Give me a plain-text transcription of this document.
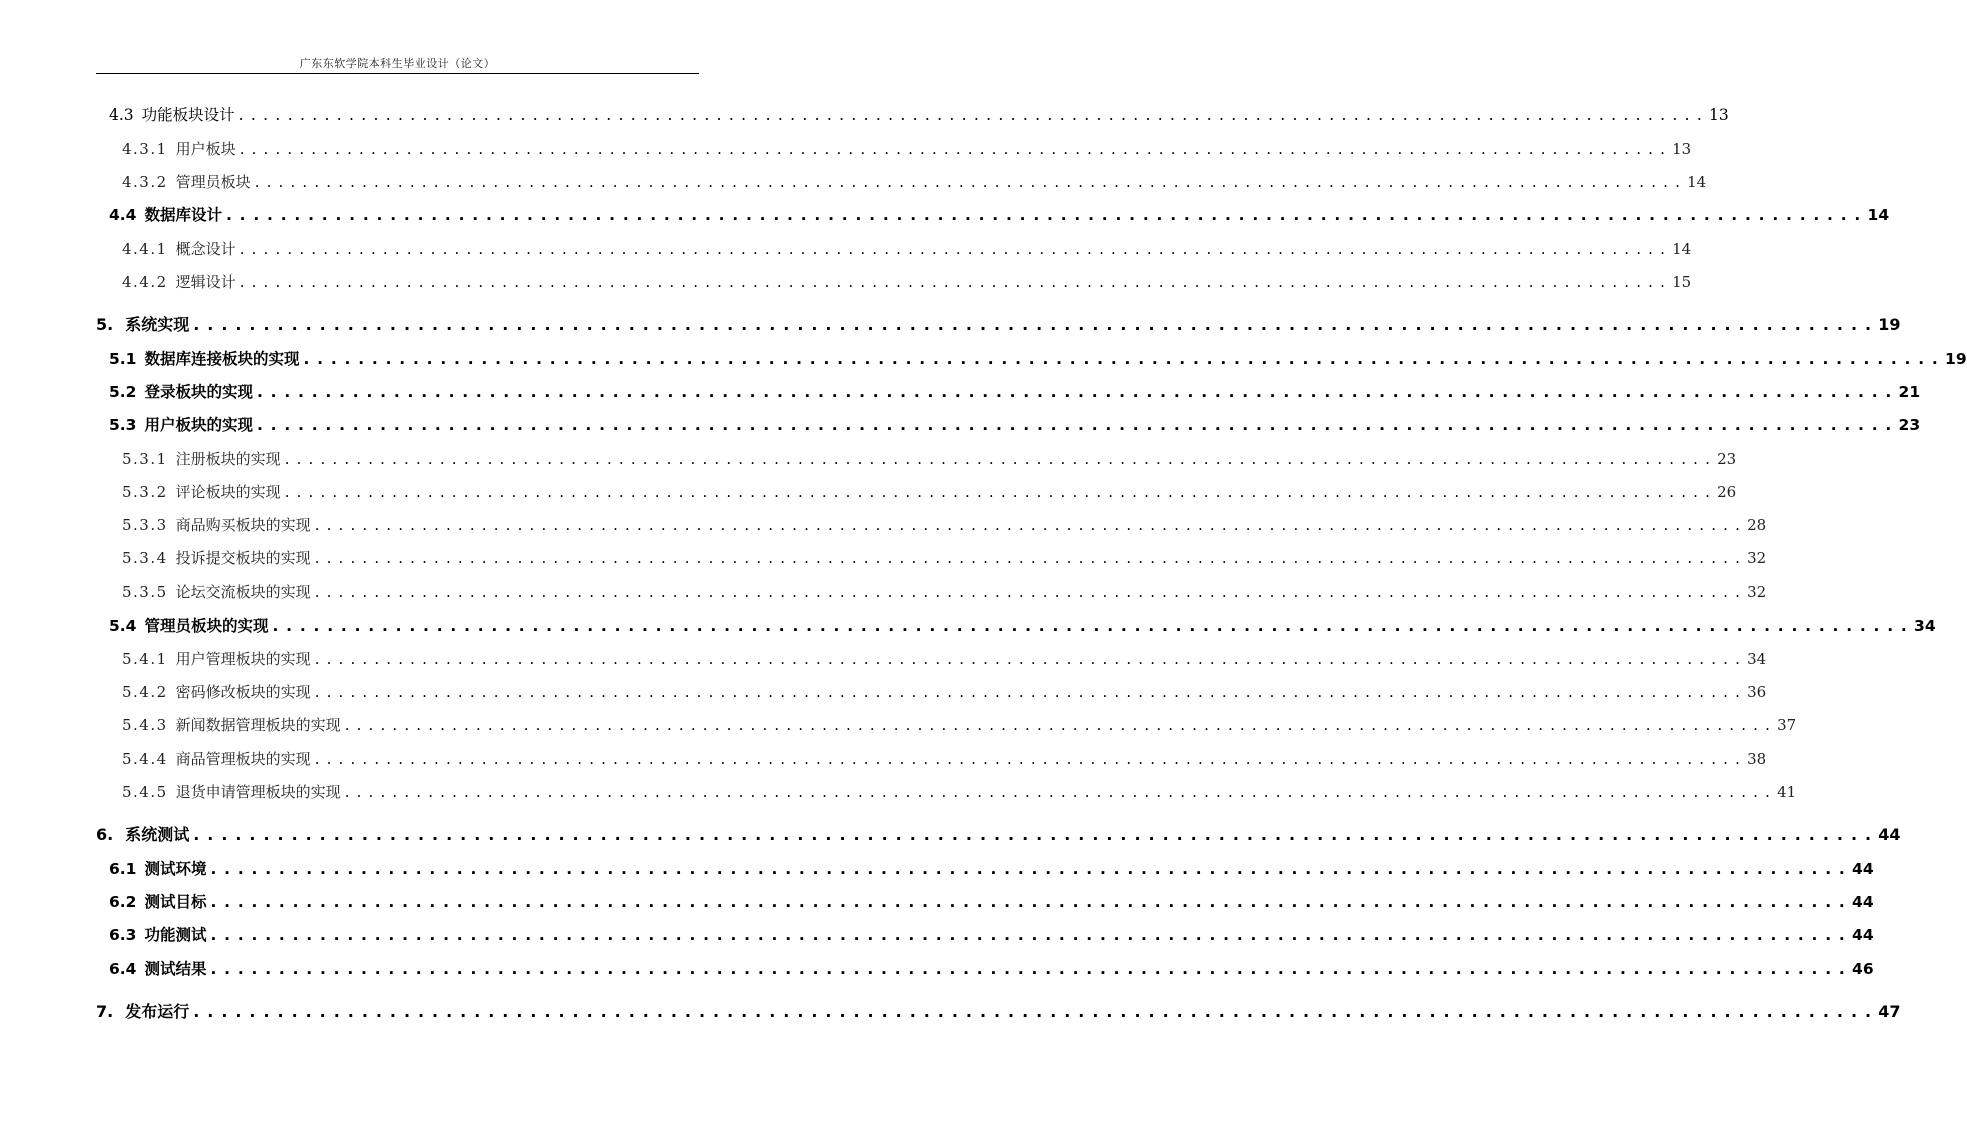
广东东软学院本科生毕业设计（论文）
4.3 功能板块设计 . . . . . . . . . . . . . . . . . . . . . . . . . . . . . . . . . . . . . . . . . . . . . . . . . . . . . . . . . . . . . . . . . . . . . . . . . . . . . . . . . . . . . . . . . . . . . . . . . . . . . . . . . . . . . . . . . . . . . . . . 13
4.3.1 用户板块 . . . . . . . . . . . . . . . . . . . . . . . . . . . . . . . . . . . . . . . . . . . . . . . . . . . . . . . . . . . . . . . . . . . . . . . . . . . . . . . . . . . . . . . . . . . . . . . . . . . . . . . . . . . . . . . . . . . . . . . . 13
4.3.2 管理员板块 . . . . . . . . . . . . . . . . . . . . . . . . . . . . . . . . . . . . . . . . . . . . . . . . . . . . . . . . . . . . . . . . . . . . . . . . . . . . . . . . . . . . . . . . . . . . . . . . . . . . . . . . . . . . . . . . . . . . . . . . 14
4.4 数据库设计 . . . . . . . . . . . . . . . . . . . . . . . . . . . . . . . . . . . . . . . . . . . . . . . . . . . . . . . . . . . . . . . . . . . . . . . . . . . . . . . . . . . . . . . . . . . . . . . . . . . . . . . . . . . . . . . . . . . . . . . . 14
4.4.1 概念设计 . . . . . . . . . . . . . . . . . . . . . . . . . . . . . . . . . . . . . . . . . . . . . . . . . . . . . . . . . . . . . . . . . . . . . . . . . . . . . . . . . . . . . . . . . . . . . . . . . . . . . . . . . . . . . . . . . . . . . . . . 14
4.4.2 逻辑设计 . . . . . . . . . . . . . . . . . . . . . . . . . . . . . . . . . . . . . . . . . . . . . . . . . . . . . . . . . . . . . . . . . . . . . . . . . . . . . . . . . . . . . . . . . . . . . . . . . . . . . . . . . . . . . . . . . . . . . . . . 15
5. 系统实现 . . . . . . . . . . . . . . . . . . . . . . . . . . . . . . . . . . . . . . . . . . . . . . . . . . . . . . . . . . . . . . . . . . . . . . . . . . . . . . . . . . . . . . . . . . . . . . . . . . . . . . . . . . . . . . . . . . . . . . . . 19
5.1 数据库连接板块的实现 . . . . . . . . . . . . . . . . . . . . . . . . . . . . . . . . . . . . . . . . . . . . . . . . . . . . . . . . . . . . . . . . . . . . . . . . . . . . . . . . . . . . . . . . . . . . . . . . . . . . . . . . . . . . . . . . . . . . . . . . 19
5.2 登录板块的实现 . . . . . . . . . . . . . . . . . . . . . . . . . . . . . . . . . . . . . . . . . . . . . . . . . . . . . . . . . . . . . . . . . . . . . . . . . . . . . . . . . . . . . . . . . . . . . . . . . . . . . . . . . . . . . . . . . . . . . . . . 21
5.3 用户板块的实现 . . . . . . . . . . . . . . . . . . . . . . . . . . . . . . . . . . . . . . . . . . . . . . . . . . . . . . . . . . . . . . . . . . . . . . . . . . . . . . . . . . . . . . . . . . . . . . . . . . . . . . . . . . . . . . . . . . . . . . . . 23
5.3.1 注册板块的实现 . . . . . . . . . . . . . . . . . . . . . . . . . . . . . . . . . . . . . . . . . . . . . . . . . . . . . . . . . . . . . . . . . . . . . . . . . . . . . . . . . . . . . . . . . . . . . . . . . . . . . . . . . . . . . . . . . . . . . . . . 23
5.3.2 评论板块的实现 . . . . . . . . . . . . . . . . . . . . . . . . . . . . . . . . . . . . . . . . . . . . . . . . . . . . . . . . . . . . . . . . . . . . . . . . . . . . . . . . . . . . . . . . . . . . . . . . . . . . . . . . . . . . . . . . . . . . . . . . 26
5.3.3 商品购买板块的实现 . . . . . . . . . . . . . . . . . . . . . . . . . . . . . . . . . . . . . . . . . . . . . . . . . . . . . . . . . . . . . . . . . . . . . . . . . . . . . . . . . . . . . . . . . . . . . . . . . . . . . . . . . . . . . . . . . . . . . . . . 28
5.3.4 投诉提交板块的实现 . . . . . . . . . . . . . . . . . . . . . . . . . . . . . . . . . . . . . . . . . . . . . . . . . . . . . . . . . . . . . . . . . . . . . . . . . . . . . . . . . . . . . . . . . . . . . . . . . . . . . . . . . . . . . . . . . . . . . . . . 32
5.3.5 论坛交流板块的实现 . . . . . . . . . . . . . . . . . . . . . . . . . . . . . . . . . . . . . . . . . . . . . . . . . . . . . . . . . . . . . . . . . . . . . . . . . . . . . . . . . . . . . . . . . . . . . . . . . . . . . . . . . . . . . . . . . . . . . . . . 32
5.4 管理员板块的实现 . . . . . . . . . . . . . . . . . . . . . . . . . . . . . . . . . . . . . . . . . . . . . . . . . . . . . . . . . . . . . . . . . . . . . . . . . . . . . . . . . . . . . . . . . . . . . . . . . . . . . . . . . . . . . . . . . . . . . . . . 34
5.4.1 用户管理板块的实现 . . . . . . . . . . . . . . . . . . . . . . . . . . . . . . . . . . . . . . . . . . . . . . . . . . . . . . . . . . . . . . . . . . . . . . . . . . . . . . . . . . . . . . . . . . . . . . . . . . . . . . . . . . . . . . . . . . . . . . . . 34
5.4.2 密码修改板块的实现 . . . . . . . . . . . . . . . . . . . . . . . . . . . . . . . . . . . . . . . . . . . . . . . . . . . . . . . . . . . . . . . . . . . . . . . . . . . . . . . . . . . . . . . . . . . . . . . . . . . . . . . . . . . . . . . . . . . . . . . . 36
5.4.3 新闻数据管理板块的实现 . . . . . . . . . . . . . . . . . . . . . . . . . . . . . . . . . . . . . . . . . . . . . . . . . . . . . . . . . . . . . . . . . . . . . . . . . . . . . . . . . . . . . . . . . . . . . . . . . . . . . . . . . . . . . . . . . . . . . . . . 37
5.4.4 商品管理板块的实现 . . . . . . . . . . . . . . . . . . . . . . . . . . . . . . . . . . . . . . . . . . . . . . . . . . . . . . . . . . . . . . . . . . . . . . . . . . . . . . . . . . . . . . . . . . . . . . . . . . . . . . . . . . . . . . . . . . . . . . . . 38
5.4.5 退货申请管理板块的实现 . . . . . . . . . . . . . . . . . . . . . . . . . . . . . . . . . . . . . . . . . . . . . . . . . . . . . . . . . . . . . . . . . . . . . . . . . . . . . . . . . . . . . . . . . . . . . . . . . . . . . . . . . . . . . . . . . . . . . . . . 41
6. 系统测试 . . . . . . . . . . . . . . . . . . . . . . . . . . . . . . . . . . . . . . . . . . . . . . . . . . . . . . . . . . . . . . . . . . . . . . . . . . . . . . . . . . . . . . . . . . . . . . . . . . . . . . . . . . . . . . . . . . . . . . . . 44
6.1 测试环境 . . . . . . . . . . . . . . . . . . . . . . . . . . . . . . . . . . . . . . . . . . . . . . . . . . . . . . . . . . . . . . . . . . . . . . . . . . . . . . . . . . . . . . . . . . . . . . . . . . . . . . . . . . . . . . . . . . . . . . . . 44
6.2 测试目标 . . . . . . . . . . . . . . . . . . . . . . . . . . . . . . . . . . . . . . . . . . . . . . . . . . . . . . . . . . . . . . . . . . . . . . . . . . . . . . . . . . . . . . . . . . . . . . . . . . . . . . . . . . . . . . . . . . . . . . . . 44
6.3 功能测试 . . . . . . . . . . . . . . . . . . . . . . . . . . . . . . . . . . . . . . . . . . . . . . . . . . . . . . . . . . . . . . . . . . . . . . . . . . . . . . . . . . . . . . . . . . . . . . . . . . . . . . . . . . . . . . . . . . . . . . . . 44
6.4 测试结果 . . . . . . . . . . . . . . . . . . . . . . . . . . . . . . . . . . . . . . . . . . . . . . . . . . . . . . . . . . . . . . . . . . . . . . . . . . . . . . . . . . . . . . . . . . . . . . . . . . . . . . . . . . . . . . . . . . . . . . . . 46
7. 发布运行 . . . . . . . . . . . . . . . . . . . . . . . . . . . . . . . . . . . . . . . . . . . . . . . . . . . . . . . . . . . . . . . . . . . . . . . . . . . . . . . . . . . . . . . . . . . . . . . . . . . . . . . . . . . . . . . . . . . . . . . . 47
